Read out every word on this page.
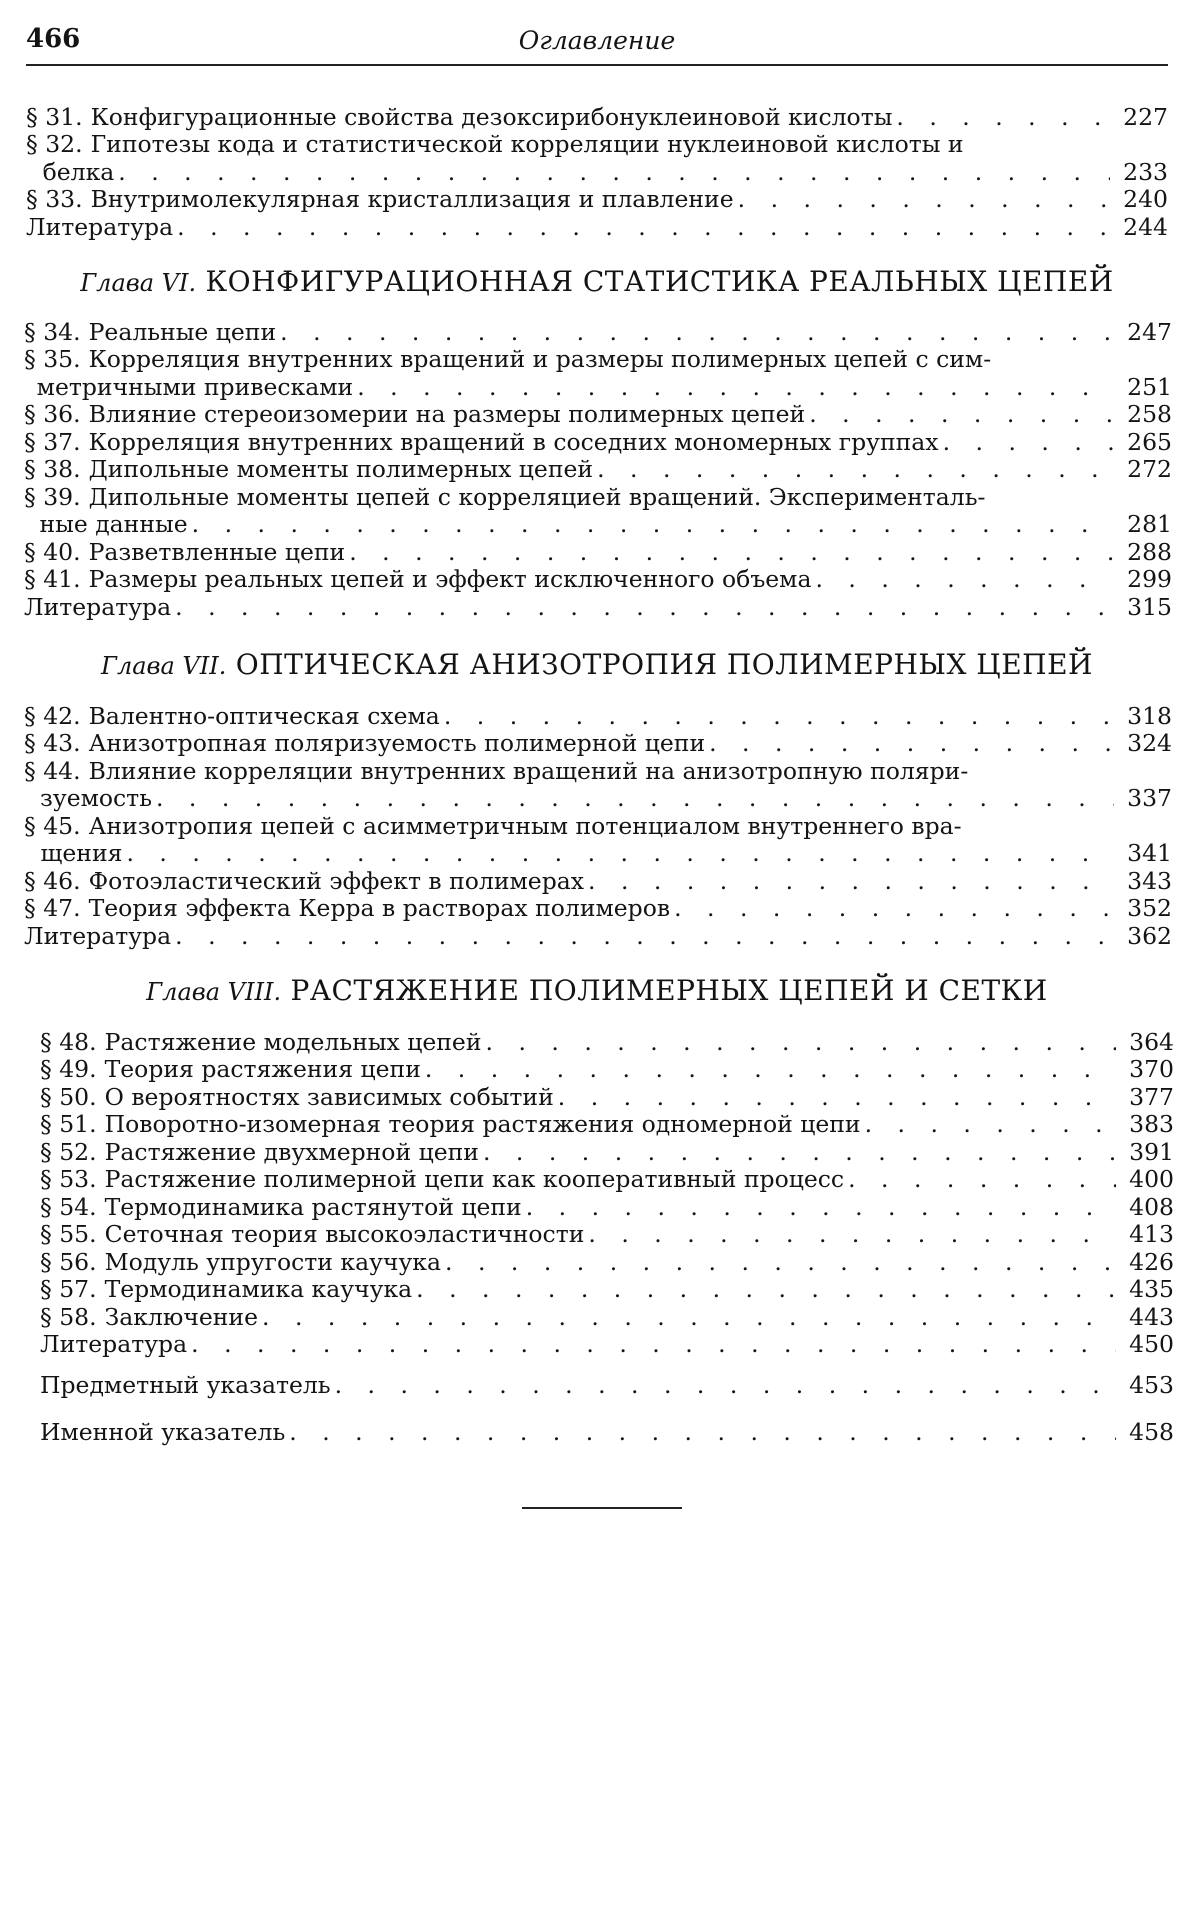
466	Оглавление
§ 31. Конфигурационные свойства дезоксирибонуклеиновой кислоты . . .	227
§ 32. Гипотезы кода и статистической корреляции нуклеиновой кислоты и
белка . . .	233
§ 33. Внутримолекулярная кристаллизация и плавление . . .	240
Литература . . .	244
Глава VI. КОНФИГУРАЦИОННАЯ СТАТИСТИКА РЕАЛЬНЫХ ЦЕПЕЙ
§ 34. Реальные цепи . . .	247
§ 35. Корреляция внутренних вращений и размеры полимерных цепей с сим-
метричными привесками . . .	251
§ 36. Влияние стереоизомерии на размеры полимерных цепей . . .	258
§ 37. Корреляция внутренних вращений в соседних мономерных группах . . .	265
§ 38. Дипольные моменты полимерных цепей . . .	272
§ 39. Дипольные моменты цепей с корреляцией вращений. Эксперименталь-
ные данные . . .	281
§ 40. Разветвленные цепи . . .	288
§ 41. Размеры реальных цепей и эффект исключенного объема . . .	299
Литература . . .	315
Глава VII. ОПТИЧЕСКАЯ АНИЗОТРОПИЯ ПОЛИМЕРНЫХ ЦЕПЕЙ
§ 42. Валентно-оптическая схема . . .	318
§ 43. Анизотропная поляризуемость полимерной цепи . . .	324
§ 44. Влияние корреляции внутренних вращений на анизотропную поляри-
зуемость . . .	337
§ 45. Анизотропия цепей с асимметричным потенциалом внутреннего вра-
щения . . .	341
§ 46. Фотоэластический эффект в полимерах . . .	343
§ 47. Теория эффекта Керра в растворах полимеров . . .	352
Литература . . .	362
Глава VIII. РАСТЯЖЕНИЕ ПОЛИМЕРНЫХ ЦЕПЕЙ И СЕТКИ
§ 48. Растяжение модельных цепей . . .	364
§ 49. Теория растяжения цепи . . .	370
§ 50. О вероятностях зависимых событий . . .	377
§ 51. Поворотно-изомерная теория растяжения одномерной цепи . . .	383
§ 52. Растяжение двухмерной цепи . . .	391
§ 53. Растяжение полимерной цепи как кооперативный процесс . . .	400
§ 54. Термодинамика растянутой цепи . . .	408
§ 55. Сеточная теория высокоэластичности . . .	413
§ 56. Модуль упругости каучука . . .	426
§ 57. Термодинамика каучука . . .	435
§ 58. Заключение . . .	443
Литература . . .	450
Предметный указатель . . .	453
Именной указатель . . .	458
